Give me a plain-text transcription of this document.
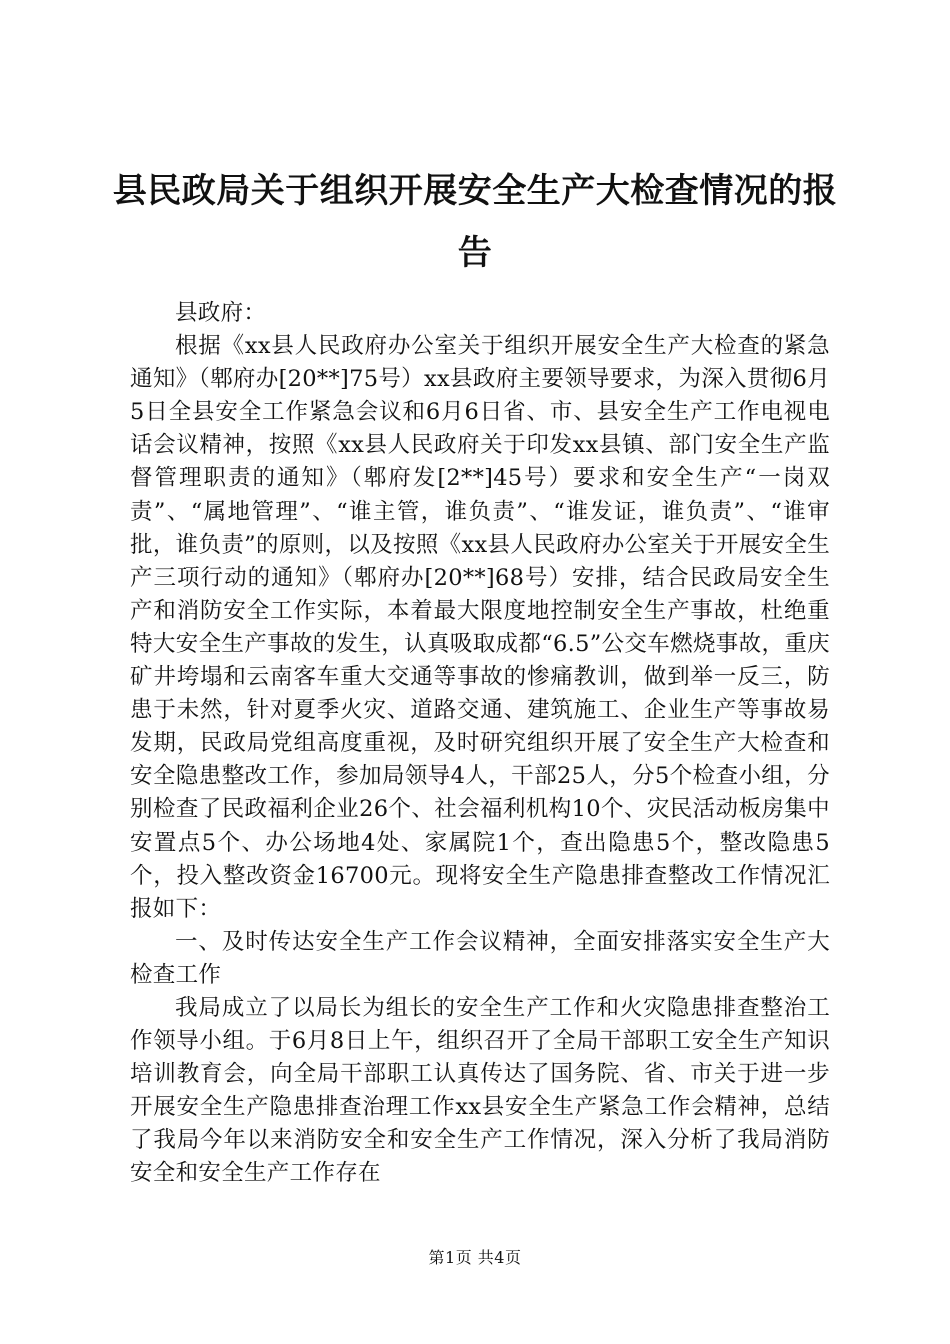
县民政局关于组织开展安全生产大检查情况的报告

县政府：

根据《xx县人民政府办公室关于组织开展安全生产大检查的紧急通知》（郫府办[20**]75号）xx县政府主要领导要求，为深入贯彻6月5日全县安全工作紧急会议和6月6日省、市、县安全生产工作电视电话会议精神，按照《xx县人民政府关于印发xx县镇、部门安全生产监督管理职责的通知》（郫府发[2**]45号）要求和安全生产“一岗双责”、“属地管理”、“谁主管，谁负责”、“谁发证，谁负责”、“谁审批，谁负责”的原则，以及按照《xx县人民政府办公室关于开展安全生产三项行动的通知》（郫府办[20**]68号）安排，结合民政局安全生产和消防安全工作实际，本着最大限度地控制安全生产事故，杜绝重特大安全生产事故的发生，认真吸取成都“6.5”公交车燃烧事故，重庆矿井垮塌和云南客车重大交通等事故的惨痛教训，做到举一反三，防患于未然，针对夏季火灾、道路交通、建筑施工、企业生产等事故易发期，民政局党组高度重视，及时研究组织开展了安全生产大检查和安全隐患整改工作，参加局领导4人，干部25人，分5个检查小组，分别检查了民政福利企业26个、社会福利机构10个、灾民活动板房集中安置点5个、办公场地4处、家属院1个，查出隐患5个，整改隐患5个，投入整改资金16700元。现将安全生产隐患排查整改工作情况汇报如下：

一、及时传达安全生产工作会议精神，全面安排落实安全生产大检查工作

我局成立了以局长为组长的安全生产工作和火灾隐患排查整治工作领导小组。于6月8日上午，组织召开了全局干部职工安全生产知识培训教育会，向全局干部职工认真传达了国务院、省、市关于进一步开展安全生产隐患排查治理工作xx县安全生产紧急工作会精神，总结了我局今年以来消防安全和安全生产工作情况，深入分析了我局消防安全和安全生产工作存在

第1页 共4页
